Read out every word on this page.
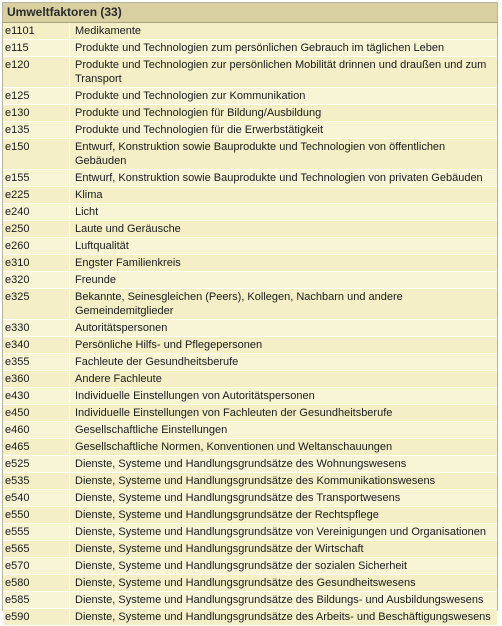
Umweltfaktoren (33)
e1101	Medikamente
e115	Produkte und Technologien zum persönlichen Gebrauch im täglichen Leben
e120	Produkte und Technologien zur persönlichen Mobilität drinnen und draußen und zum Transport
e125	Produkte und Technologien zur Kommunikation
e130	Produkte und Technologien für Bildung/Ausbildung
e135	Produkte und Technologien für die Erwerbstätigkeit
e150	Entwurf, Konstruktion sowie Bauprodukte und Technologien von öffentlichen Gebäuden
e155	Entwurf, Konstruktion sowie Bauprodukte und Technologien von privaten Gebäuden
e225	Klima
e240	Licht
e250	Laute und Geräusche
e260	Luftqualität
e310	Engster Familienkreis
e320	Freunde
e325	Bekannte, Seinesgleichen (Peers), Kollegen, Nachbarn und andere Gemeindemitglieder
e330	Autoritätspersonen
e340	Persönliche Hilfs- und Pflegepersonen
e355	Fachleute der Gesundheitsberufe
e360	Andere Fachleute
e430	Individuelle Einstellungen von Autoritätspersonen
e450	Individuelle Einstellungen von Fachleuten der Gesundheitsberufe
e460	Gesellschaftliche Einstellungen
e465	Gesellschaftliche Normen, Konventionen und Weltanschauungen
e525	Dienste, Systeme und Handlungsgrundsätze des Wohnungswesens
e535	Dienste, Systeme und Handlungsgrundsätze des Kommunikationswesens
e540	Dienste, Systeme und Handlungsgrundsätze des Transportwesens
e550	Dienste, Systeme und Handlungsgrundsätze der Rechtspflege
e555	Dienste, Systeme und Handlungsgrundsätze von Vereinigungen und Organisationen
e565	Dienste, Systeme und Handlungsgrundsätze der Wirtschaft
e570	Dienste, Systeme und Handlungsgrundsätze der sozialen Sicherheit
e580	Dienste, Systeme und Handlungsgrundsätze des Gesundheitswesens
e585	Dienste, Systeme und Handlungsgrundsätze des Bildungs- und Ausbildungswesens
e590	Dienste, Systeme und Handlungsgrundsätze des Arbeits- und Beschäftigungswesens
